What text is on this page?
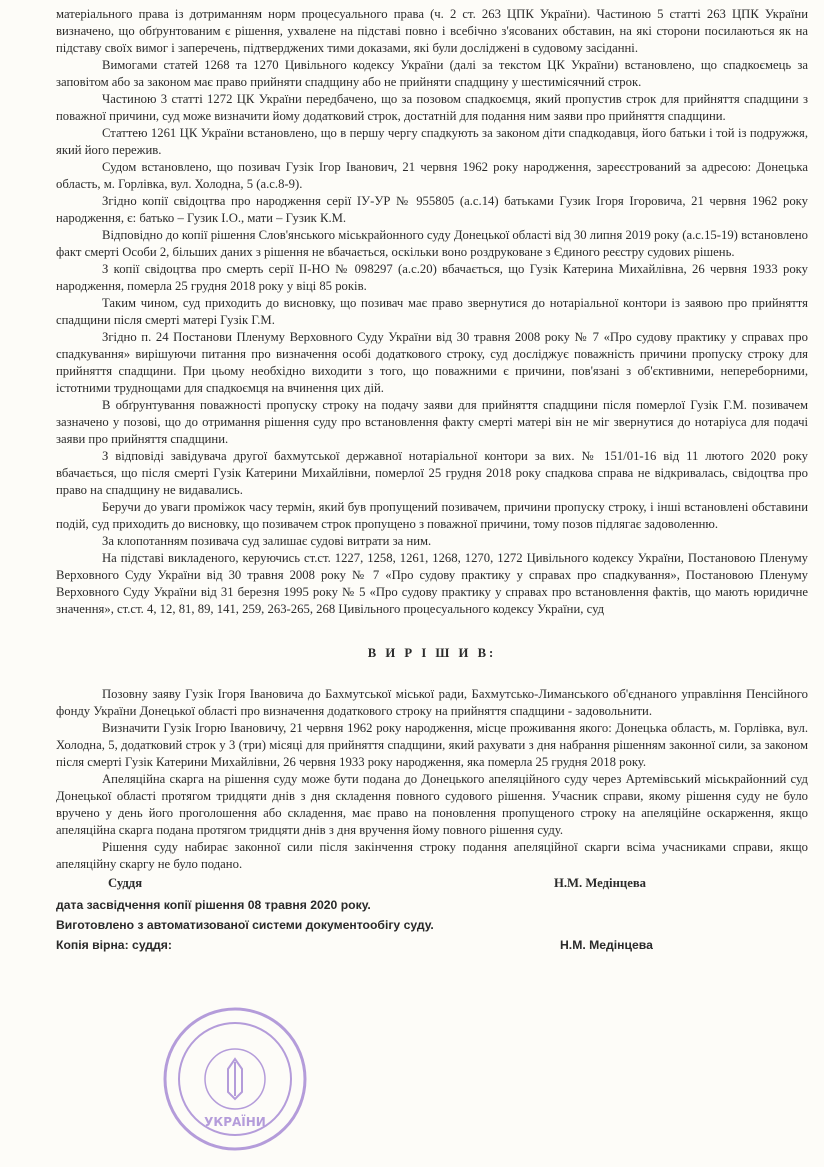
матеріального права із дотриманням норм процесуального права (ч. 2 ст. 263 ЦПК України). Частиною 5 статті 263 ЦПК України визначено, що обґрунтованим є рішення, ухвалене на підставі повно і всебічно з'ясованих обставин, на які сторони посилаються як на підставу своїх вимог і заперечень, підтверджених тими доказами, які були досліджені в судовому засіданні.

Вимогами статей 1268 та 1270 Цивільного кодексу України (далі за текстом ЦК України) встановлено, що спадкоємець за заповітом або за законом має право прийняти спадщину або не прийняти спадщину у шестимісячний строк.

Частиною 3 статті 1272 ЦК України передбачено, що за позовом спадкоємця, який пропустив строк для прийняття спадщини з поважної причини, суд може визначити йому додатковий строк, достатній для подання ним заяви про прийняття спадщини.

Статтею 1261 ЦК України встановлено, що в першу чергу спадкують за законом діти спадкодавця, його батьки і той із подружжя, який його пережив.

Судом встановлено, що позивач Гузік Ігор Іванович, 21 червня 1962 року народження, зареєстрований за адресою: Донецька область, м. Горлівка, вул. Холодна, 5 (а.с.8-9).

Згідно копії свідоцтва про народження серії ІУ-УР № 955805 (а.с.14) батьками Гузик Ігоря Ігоровича, 21 червня 1962 року народження, є: батько – Гузик І.О., мати – Гузик К.М.

Відповідно до копії рішення Слов'янського міськрайонного суду Донецької області від 30 липня 2019 року (а.с.15-19) встановлено факт смерті Особи 2, більших даних з рішення не вбачається, оскільки воно роздруковане з Єдиного реєстру судових рішень.

З копії свідоцтва про смерть серії ІІ-НО № 098297 (а.с.20) вбачається, що Гузік Катерина Михайлівна, 26 червня 1933 року народження, померла 25 грудня 2018 року у віці 85 років.

Таким чином, суд приходить до висновку, що позивач має право звернутися до нотаріальної контори із заявою про прийняття спадщини після смерті матері Гузік Г.М.

Згідно п. 24 Постанови Пленуму Верховного Суду України від 30 травня 2008 року № 7 «Про судову практику у справах про спадкування» вирішуючи питання про визначення особі додаткового строку, суд досліджує поважність причини пропуску строку для прийняття спадщини. При цьому необхідно виходити з того, що поважними є причини, пов'язані з об'єктивними, непереборними, істотними труднощами для спадкоємця на вчинення цих дій.

В обґрунтування поважності пропуску строку на подачу заяви для прийняття спадщини після померлої Гузік Г.М. позивачем зазначено у позові, що до отримання рішення суду про встановлення факту смерті матері він не міг звернутися до нотаріуса для подачі заяви про прийняття спадщини.

З відповіді завідувача другої бахмутської державної нотаріальної контори за вих. № 151/01-16 від 11 лютого 2020 року вбачається, що після смерті Гузік Катерини Михайлівни, померлої 25 грудня 2018 року спадкова справа не відкривалась, свідоцтва про право на спадщину не видавались.

Беручи до уваги проміжок часу термін, який був пропущений позивачем, причини пропуску строку, і інші встановлені обставини подій, суд приходить до висновку, що позивачем строк пропущено з поважної причини, тому позов підлягає задоволенню.

За клопотанням позивача суд залишає судові витрати за ним.

На підставі викладеного, керуючись ст.ст. 1227, 1258, 1261, 1268, 1270, 1272 Цивільного кодексу України, Постановою Пленуму Верховного Суду України від 30 травня 2008 року № 7 «Про судову практику у справах про спадкування», Постановою Пленуму Верховного Суду України від 31 березня 1995 року № 5 «Про судову практику у справах про встановлення фактів, що мають юридичне значення», ст.ст. 4, 12, 81, 89, 141, 259, 263-265, 268 Цивільного процесуального кодексу України, суд

В И Р І Ш И В:

Позовну заяву Гузік Ігоря Івановича до Бахмутської міської ради, Бахмутсько-Лиманського об'єднаного управління Пенсійного фонду України Донецької області про визначення додаткового строку на прийняття спадщини - задовольнити.

Визначити Гузік Ігорю Івановичу, 21 червня 1962 року народження, місце проживання якого: Донецька область, м. Горлівка, вул. Холодна, 5, додатковий строк у 3 (три) місяці для прийняття спадщини, який рахувати з дня набрання рішенням законної сили, за законом після смерті Гузік Катерини Михайлівни, 26 червня 1933 року народження, яка померла 25 грудня 2018 року.

Апеляційна скарга на рішення суду може бути подана до Донецького апеляційного суду через Артемівський міськрайонний суд Донецької області протягом тридцяти днів з дня складення повного судового рішення. Учасник справи, якому рішення суду не було вручено у день його проголошення або складення, має право на поновлення пропущеного строку на апеляційне оскарження, якщо апеляційна скарга подана протягом тридцяти днів з дня вручення йому повного рішення суду.

Рішення суду набирає законної сили після закінчення строку подання апеляційної скарги всіма учасниками справи, якщо апеляційну скаргу не було подано.

Суддя	Н.М. Медінцева
дата засвідчення копії рішення 08 травня 2020 року.
Виготовлено з автоматизованої системи документообігу суду.
Копія вірна: суддя:	Н.М. Медінцева
УКРАЇНИ
